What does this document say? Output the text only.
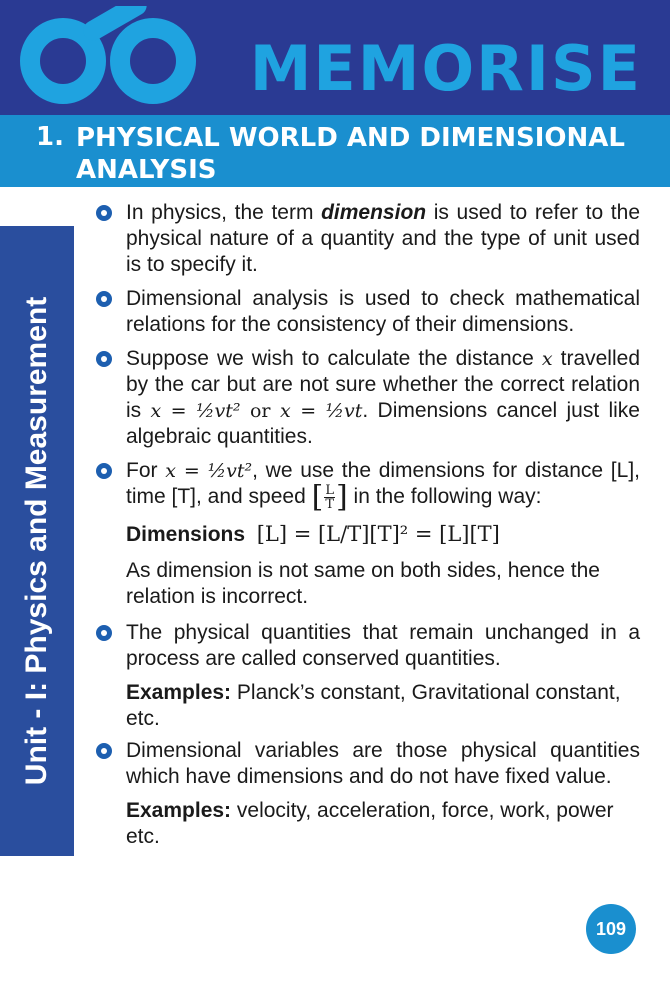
MEMORISE
1. PHYSICAL WORLD AND DIMENSIONAL ANALYSIS
Unit - I: Physics and Measurement
In physics, the term dimension is used to refer to the physical nature of a quantity and the type of unit used is to specify it.
Dimensional analysis is used to check mathematical relations for the consistency of their dimensions.
Suppose we wish to calculate the distance x travelled by the car but are not sure whether the correct relation is x = ½vt² or x = ½vt. Dimensions cancel just like algebraic quantities.
For x = ½vt², we use the dimensions for distance [L], time [T], and speed [ $\frac{L}{T}$ ] in the following way:
Dimensions [L] = [L/T][T]² = [L][T]
As dimension is not same on both sides, hence the relation is incorrect.
The physical quantities that remain unchanged in a process are called conserved quantities.
Examples: Planck’s constant, Gravitational constant, etc.
Dimensional variables are those physical quantities which have dimensions and do not have fixed value.
Examples: velocity, acceleration, force, work, power etc.
109
